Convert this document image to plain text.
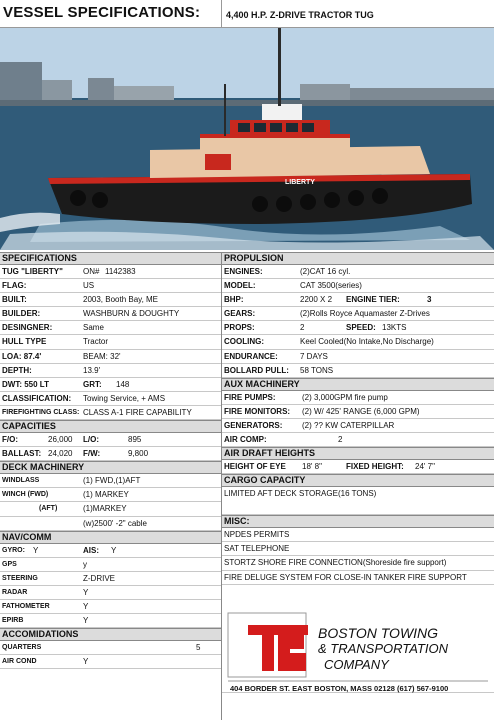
VESSEL SPECIFICATIONS:	4,400 H.P. Z-DRIVE TRACTOR TUG
LIBERTY
SPECIFICATIONS
TUG "LIBERTY"	ON# 1142383
FLAG:	US
BUILT:	2003, Booth Bay, ME
BUILDER:	WASHBURN & DOUGHTY
DESINGNER:	Same
HULL TYPE	Tractor
LOA: 87.4'	BEAM: 32'
DEPTH:	13.9'
DWT: 550 LT	GRT: 148
CLASSIFICATION: Towing Service, + AMS
FIREFIGHTING CLASS: CLASS A-1 FIRE CAPABILITY
CAPACITIES
F/O:	26,000 L/O:	895
BALLAST: 24,020 F/W:	9,800
DECK MACHINERY
WINDLASS	(1) FWD,(1)AFT
WINCH (FWD)	(1) MARKEY
(AFT)	(1)MARKEY
(w)2500' -2" cable
NAV/COMM
GYRO: Y	AIS: Y
GPS	y
STEERING	Z-DRIVE
RADAR	Y
FATHOMETER	Y
EPIRB	Y
ACCOMIDATIONS
QUARTERS	5
AIR COND	Y
PROPULSION
ENGINES:	(2)CAT 16 cyl.
MODEL:	CAT 3500(series)
BHP:	2200 X 2 ENGINE TIER:	3
GEARS:	(2)Rolls Royce Aquamaster Z-Drives
PROPS:	2	SPEED: 13KTS
COOLING:	Keel Cooled(No Intake,No Discharge)
ENDURANCE:	7 DAYS
BOLLARD PULL: 58 TONS
AUX MACHINERY
FIRE PUMPS:	(2) 3,000GPM fire pump
FIRE MONITORS: (2) W/ 425' RANGE (6,000 GPM)
GENERATORS: (2) ?? KW CATERPILLAR
AIR COMP:	2
AIR DRAFT HEIGHTS
HEIGHT OF EYE 18' 8"	FIXED HEIGHT: 24' 7"
CARGO CAPACITY
LIMITED AFT DECK STORAGE(16 TONS)
MISC:
NPDES PERMITS
SAT TELEPHONE
STORTZ SHORE FIRE CONNECTION(Shoreside fire support)
FIRE DELUGE SYSTEM FOR CLOSE-IN TANKER FIRE SUPPORT
BOSTON TOWING
& TRANSPORTATION
COMPANY
404 BORDER ST. EAST BOSTON, MASS 02128 (617) 567-9100
